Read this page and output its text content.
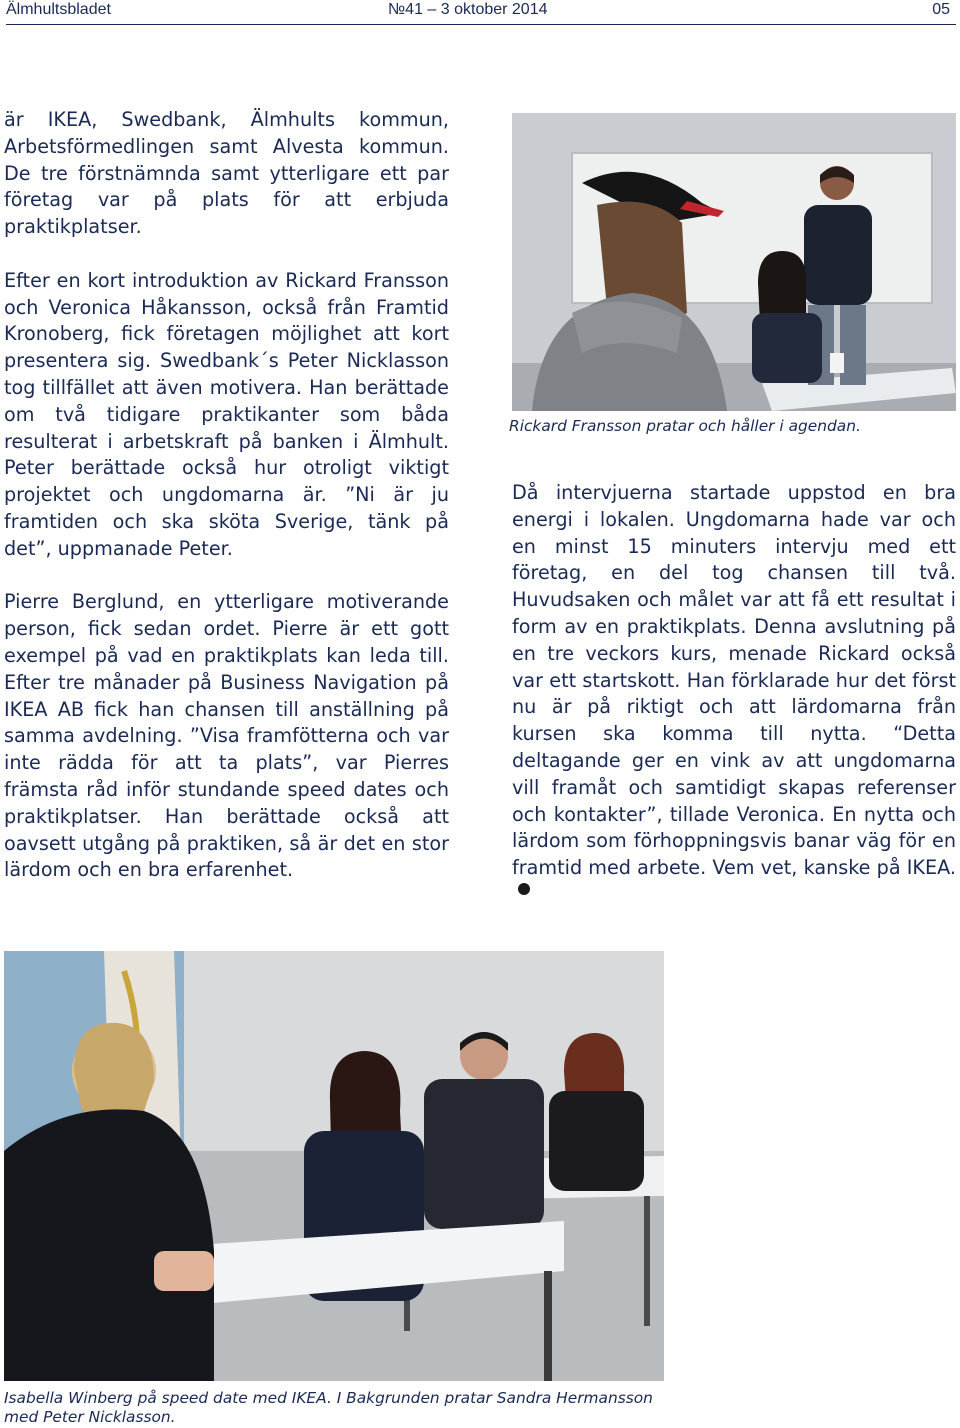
Älmhultsbladet	№41 – 3 oktober 2014	05

är IKEA, Swedbank, Älmhults kommun, Arbetsförmedlingen samt Alvesta kommun. De tre förstnämnda samt ytterligare ett par företag var på plats för att erbjuda praktikplatser.

Efter en kort introduktion av Rickard Fransson och Veronica Håkansson, också från Framtid Kronoberg, fick företagen möjlighet att kort presentera sig. Swedbank´s Peter Nicklasson tog tillfället att även motivera. Han berättade om två tidigare praktikanter som båda resulterat i arbetskraft på banken i Älmhult. Peter berättade också hur otroligt viktigt projektet och ungdomarna är. ”Ni är ju framtiden och ska sköta Sverige, tänk på det”, uppmanade Peter.

Pierre Berglund, en ytterligare motiverande person, fick sedan ordet. Pierre är ett gott exempel på vad en praktikplats kan leda till. Efter tre månader på Business Navigation på IKEA AB fick han chansen till anställning på samma avdelning. ”Visa framfötterna och var inte rädda för att ta plats”, var Pierres främsta råd inför stundande speed dates och praktikplatser. Han berättade också att oavsett utgång på praktiken, så är det en stor lärdom och en bra erfarenhet.

Rickard Fransson pratar och håller i agendan.

Då intervjuerna startade uppstod en bra energi i lokalen. Ungdomarna hade var och en minst 15 minuters intervju med ett företag, en del tog chansen till två. Huvudsaken och målet var att få ett resultat i form av en praktikplats. Denna avslutning på en tre veckors kurs, menade Rickard också var ett startskott. Han förklarade hur det först nu är på riktigt och att lärdomarna från kursen ska komma till nytta. “Detta deltagande ger en vink av att ungdomarna vill framåt och samtidigt skapas referenser och kontakter”, tillade Veronica. En nytta och lärdom som förhoppningsvis banar väg för en framtid med arbete. Vem vet, kanske på IKEA.

Isabella Winberg på speed date med IKEA. I Bakgrunden pratar Sandra Hermansson med Peter Nicklasson.
